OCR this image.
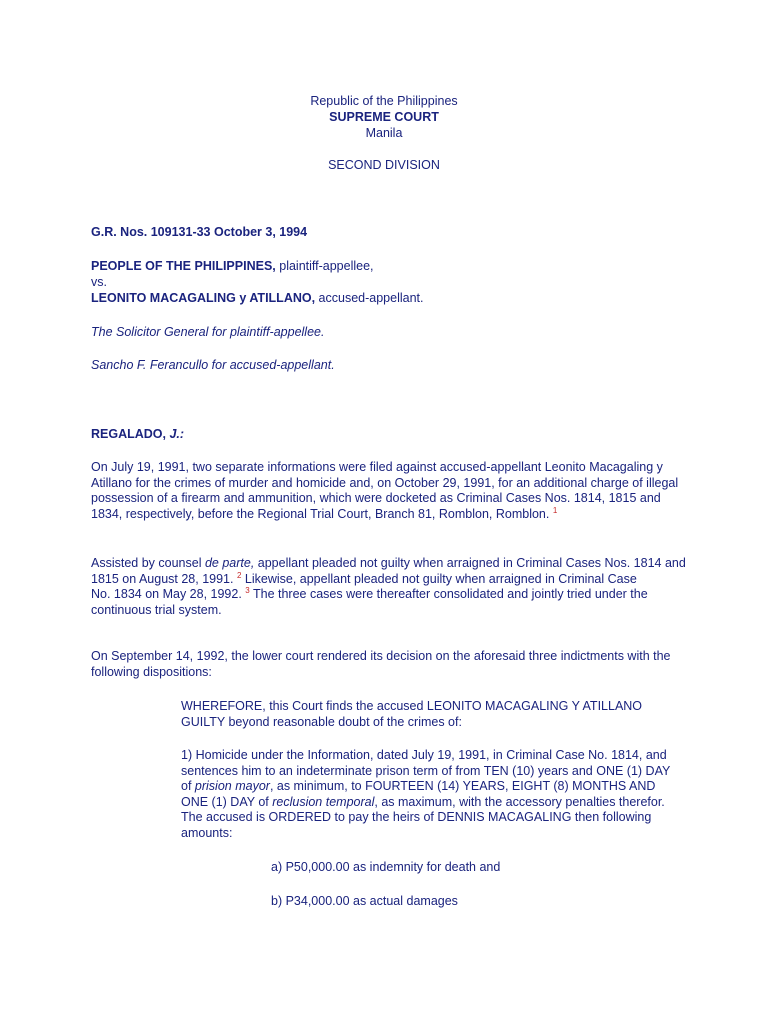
Republic of the Philippines
SUPREME COURT
Manila
SECOND DIVISION
G.R. Nos. 109131-33 October 3, 1994
PEOPLE OF THE PHILIPPINES, plaintiff-appellee,
vs.
LEONITO MACAGALING y ATILLANO, accused-appellant.
The Solicitor General for plaintiff-appellee.
Sancho F. Ferancullo for accused-appellant.
REGALADO, J.:
On July 19, 1991, two separate informations were filed against accused-appellant Leonito Macagaling y Atillano for the crimes of murder and homicide and, on October 29, 1991, for an additional charge of illegal possession of a firearm and ammunition, which were docketed as Criminal Cases Nos. 1814, 1815 and 1834, respectively, before the Regional Trial Court, Branch 81, Romblon, Romblon. $^1$
Assisted by counsel de parte, appellant pleaded not guilty when arraigned in Criminal Cases Nos. 1814 and 1815 on August 28, 1991. $^2$ Likewise, appellant pleaded not guilty when arraigned in Criminal Case
No. 1834 on May 28, 1992. $^3$ The three cases were thereafter consolidated and jointly tried under the continuous trial system.
On September 14, 1992, the lower court rendered its decision on the aforesaid three indictments with the following dispositions:
WHEREFORE, this Court finds the accused LEONITO MACAGALING Y ATILLANO GUILTY beyond reasonable doubt of the crimes of:
1) Homicide under the Information, dated July 19, 1991, in Criminal Case No. 1814, and sentences him to an indeterminate prison term of from TEN (10) years and ONE (1) DAY of prision mayor, as minimum, to FOURTEEN (14) YEARS, EIGHT (8) MONTHS AND ONE (1) DAY of reclusion temporal, as maximum, with the accessory penalties therefor. The accused is ORDERED to pay the heirs of DENNIS MACAGALING then following amounts:
a) P50,000.00 as indemnity for death and
b) P34,000.00 as actual damages
